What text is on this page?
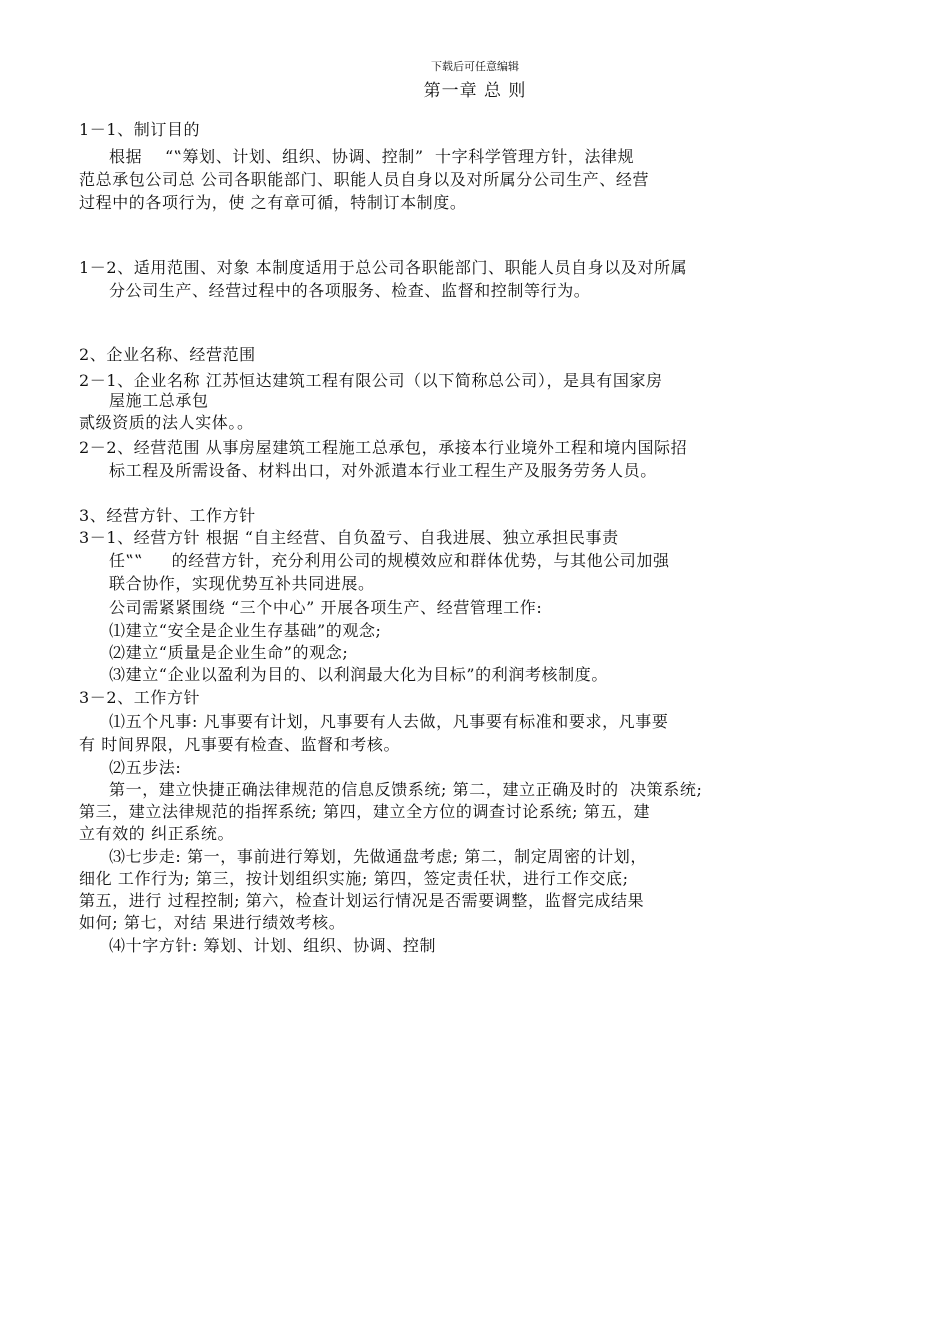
下载后可任意编辑
第一章 总 则
1－1、制订目的
根据    “‟筹划、计划、组织、协调、控制”  十字科学管理方针，法律规
范总承包公司总 公司各职能部门、职能人员自身以及对所属分公司生产、经营
过程中的各项行为，使 之有章可循，特制订本制度。
1－2、适用范围、对象 本制度适用于总公司各职能部门、职能人员自身以及对所属
分公司生产、经营过程中的各项服务、检查、监督和控制等行为。
2、企业名称、经营范围
2－1、企业名称 江苏恒达建筑工程有限公司（以下简称总公司），是具有国家房
屋施工总承包
贰级资质的法人实体。。
2－2、经营范围 从事房屋建筑工程施工总承包，承接本行业境外工程和境内国际招
标工程及所需设备、材料出口，对外派遣本行业工程生产及服务劳务人员。
3、经营方针、工作方针
3－1、经营方针 根据 “自主经营、自负盈亏、自我进展、独立承担民事责
任‟‟     的经营方针，充分利用公司的规模效应和群体优势，与其他公司加强
联合协作，实现优势互补共同进展。
公司需紧紧围绕 “三个中心” 开展各项生产、经营管理工作:
⑴建立“安全是企业生存基础”的观念;
⑵建立“质量是企业生命”的观念;
⑶建立“企业以盈利为目的、以利润最大化为目标”的利润考核制度。
3－2、工作方针
⑴五个凡事: 凡事要有计划，凡事要有人去做，凡事要有标准和要求，凡事要
有 时间界限，凡事要有检查、监督和考核。
⑵五步法:
第一，建立快捷正确法律规范的信息反馈系统; 第二，建立正确及时的  决策系统;
第三，建立法律规范的指挥系统; 第四，建立全方位的调查讨论系统; 第五，建
立有效的 纠正系统。
⑶七步走: 第一，事前进行筹划，先做通盘考虑; 第二，制定周密的计划，
细化 工作行为; 第三，按计划组织实施; 第四，签定责任状，进行工作交底;
第五，进行 过程控制; 第六，检查计划运行情况是否需要调整，监督完成结果
如何; 第七，对结 果进行绩效考核。
⑷十字方针: 筹划、计划、组织、协调、控制
